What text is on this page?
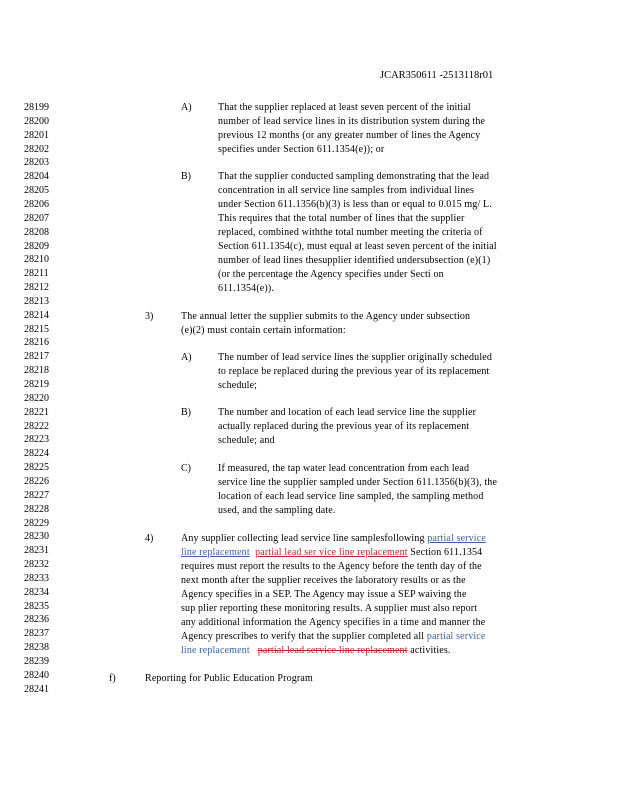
JCAR350611 -2513118r01
28199
28200
28201
28202
28203
28204
28205
28206
28207
28208
28209
28210
28211
28212
28213
28214
28215
28216
28217
28218
28219
28220
28221
28222
28223
28224
28225
28226
28227
28228
28229
28230
28231
28232
28233
28234
28235
28236
28237
28238
28239
28240
28241
A)	That the supplier replaced at least seven percent of the initial
number of lead service lines in its distribution system during the
previous 12 months (or any greater number of lines the Agency
specifies under Section 611.1354(e)); or
B)	That the supplier conducted sampling demonstrating that the lead
concentration in all service line samples from individual lines
under Section 611.1356(b)(3) is less than or equal to 0.015 mg/ L.
This requires that the total number of lines that the supplier
replaced, combined withthe total number meeting the criteria of
Section 611.1354(c), must equal at least seven percent of the initial
number of lead lines thesupplier identified undersubsection (e)(1)
(or the percentage the Agency specifies under Secti on
611.1354(e)).
3)	The annual letter the supplier submits to the Agency under subsection
(e)(2) must contain certain information:
A)	The number of lead service lines the supplier originally scheduled
to replace be replaced during the previous year of its replacement
schedule;
B)	The number and location of each lead service line the supplier
actually replaced during the previous year of its replacement
schedule; and
C)	If measured, the tap water lead concentration from each lead
service line the supplier sampled under Section 611.1356(b)(3), the
location of each lead service line sampled, the sampling method
used, and the sampling date.
4)	Any supplier collecting lead service line samplesfollowing partial service
line replacement partial lead ser vice line replacement Section 611.1354
requires must report the results to the Agency before the tenth day of the
next month after the supplier receives the laboratory results or as the
Agency specifies in a SEP. The Agency may issue a SEP waiving the
sup plier reporting these monitoring results. A supplier must also report
any additional information the Agency specifies in a time and manner the
Agency prescribes to verify that the supplier completed all partial service
line replacement partial lead service line replacement activities.
f)	Reporting for Public Education Program
